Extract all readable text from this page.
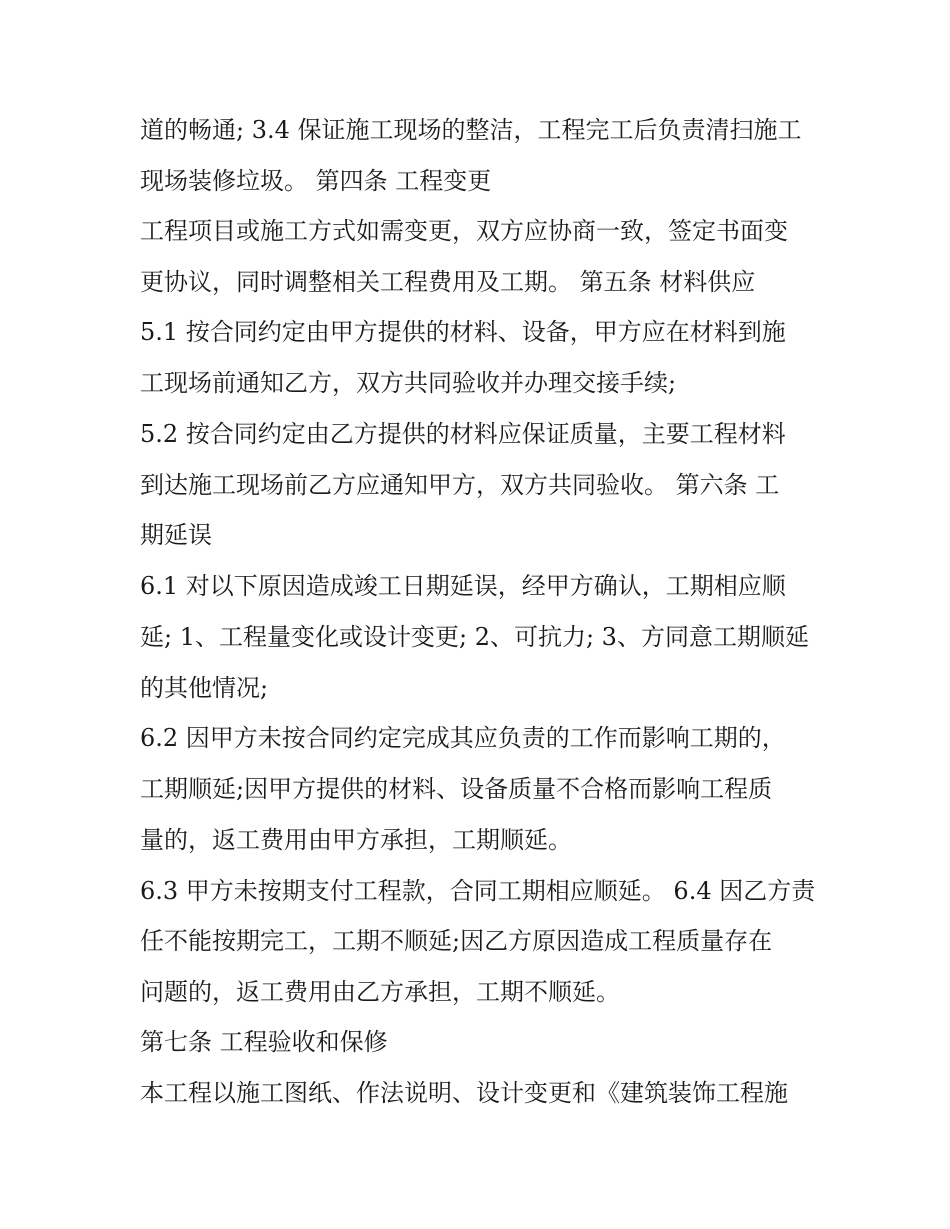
道的畅通; 3.4 保证施工现场的整洁，工程完工后负责清扫施工
现场装修垃圾。 第四条 工程变更
工程项目或施工方式如需变更，双方应协商一致，签定书面变
更协议，同时调整相关工程费用及工期。 第五条 材料供应
5.1 按合同约定由甲方提供的材料、设备，甲方应在材料到施
工现场前通知乙方，双方共同验收并办理交接手续;
5.2 按合同约定由乙方提供的材料应保证质量，主要工程材料
到达施工现场前乙方应通知甲方，双方共同验收。 第六条 工
期延误
6.1 对以下原因造成竣工日期延误，经甲方确认，工期相应顺
延; 1、工程量变化或设计变更; 2、可抗力; 3、方同意工期顺延
的其他情况;
6.2 因甲方未按合同约定完成其应负责的工作而影响工期的，
工期顺延;因甲方提供的材料、设备质量不合格而影响工程质
量的，返工费用由甲方承担，工期顺延。
6.3 甲方未按期支付工程款，合同工期相应顺延。 6.4 因乙方责
任不能按期完工，工期不顺延;因乙方原因造成工程质量存在
问题的，返工费用由乙方承担，工期不顺延。
第七条 工程验收和保修
本工程以施工图纸、作法说明、设计变更和《建筑装饰工程施
